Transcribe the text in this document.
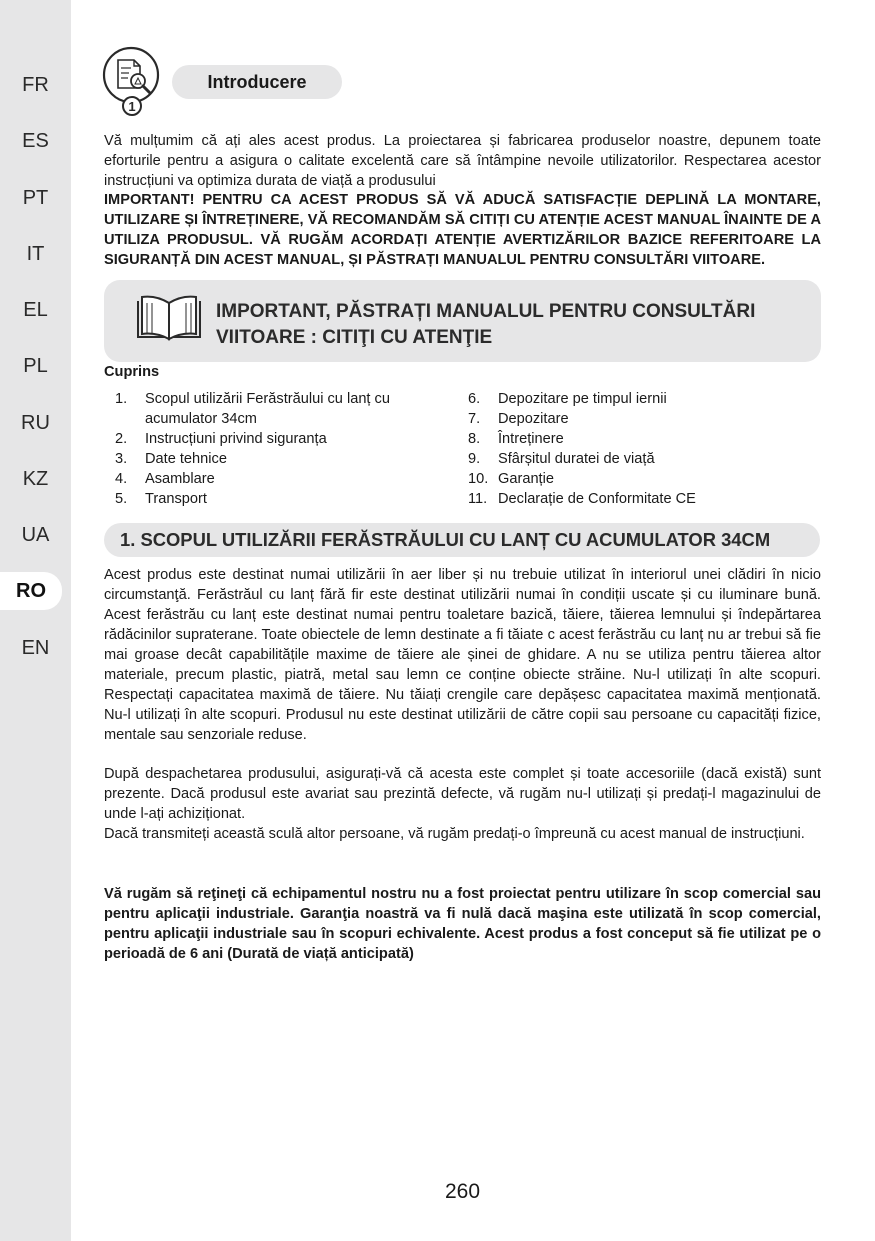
FR
ES
PT
IT
EL
PL
RU
KZ
UA
RO
EN
1
Introducere

Vă mulțumim că ați ales acest produs. La proiectarea și fabricarea produselor noastre, depunem toate eforturile pentru a asigura o calitate excelentă care să întâmpine nevoile utilizatorilor. Respectarea acestor instrucțiuni va optimiza durata de viață a produsului

IMPORTANT! PENTRU CA ACEST PRODUS SĂ VĂ ADUCĂ SATISFACȚIE DEPLINĂ LA MONTARE, UTILIZARE ȘI ÎNTREȚINERE, VĂ RECOMANDĂM SĂ CITIȚI CU ATENȚIE ACEST MANUAL ÎNAINTE DE A UTILIZA PRODUSUL. VĂ RUGĂM ACORDAȚI ATENȚIE AVERTIZĂRILOR BAZICE REFERITOARE LA SIGURANȚĂ DIN ACEST MANUAL, ȘI PĂSTRAȚI MANUALUL PENTRU CONSULTĂRI VIITOARE.

IMPORTANT, PĂSTRAȚI MANUALUL PENTRU CONSULTĂRI
VIITOARE : CITIŢI CU ATENŢIE
Cuprins
1.	Scopul utilizării Ferăstrăului cu lanț cu acumulator 34cm
2.	Instrucțiuni privind siguranța
3.	Date tehnice
4.	Asamblare
5.	Transport
6.	Depozitare pe timpul iernii
7.	Depozitare
8.	Întreținere
9.	Sfârșitul duratei de viață
10. Garanție
11. Declarație de Conformitate CE
1. SCOPUL UTILIZĂRII FERĂSTRĂULUI CU LANȚ CU ACUMULATOR 34CM

Acest produs este destinat numai utilizării în aer liber și nu trebuie utilizat în interiorul unei clădiri în nicio circumstanţă. Ferăstrăul cu lanț fără fir este destinat utilizării numai în condiții uscate și cu iluminare bună. Acest ferăstrău cu lanț este destinat numai pentru toaletare bazică, tăiere, tăierea lemnului și îndepărtarea rădăcinilor supraterane. Toate obiectele de lemn destinate a fi tăiate c acest ferăstrău cu lanț nu ar trebui să fie mai groase decât capabilitățile maxime de tăiere ale șinei de ghidare. A nu se utiliza pentru tăierea altor materiale, precum plastic, piatră, metal sau lemn ce conține obiecte străine. Nu-l utilizați în alte scopuri. Respectați capacitatea maximă de tăiere. Nu tăiați crengile care depășesc capacitatea maximă menționată. Nu-l utilizați în alte scopuri. Produsul nu este destinat utilizării de către copii sau persoane cu capacități fizice, mentale sau senzoriale reduse.

După despachetarea produsului, asigurați-vă că acesta este complet și toate accesoriile (dacă există) sunt prezente. Dacă produsul este avariat sau prezintă defecte, vă rugăm nu-l utilizați și predați-l magazinului de unde l-ați achiziționat.

Dacă transmiteți această sculă altor persoane, vă rugăm predați-o împreună cu acest manual de instrucțiuni.

Vă rugăm să reţineţi că echipamentul nostru nu a fost proiectat pentru utilizare în scop comercial sau pentru aplicaţii industriale. Garanţia noastră va fi nulă dacă maşina este utilizată în scop comercial, pentru aplicaţii industriale sau în scopuri echivalente. Acest produs a fost conceput să fie utilizat pe o perioadă de 6 ani (Durată de viață anticipată)

260
